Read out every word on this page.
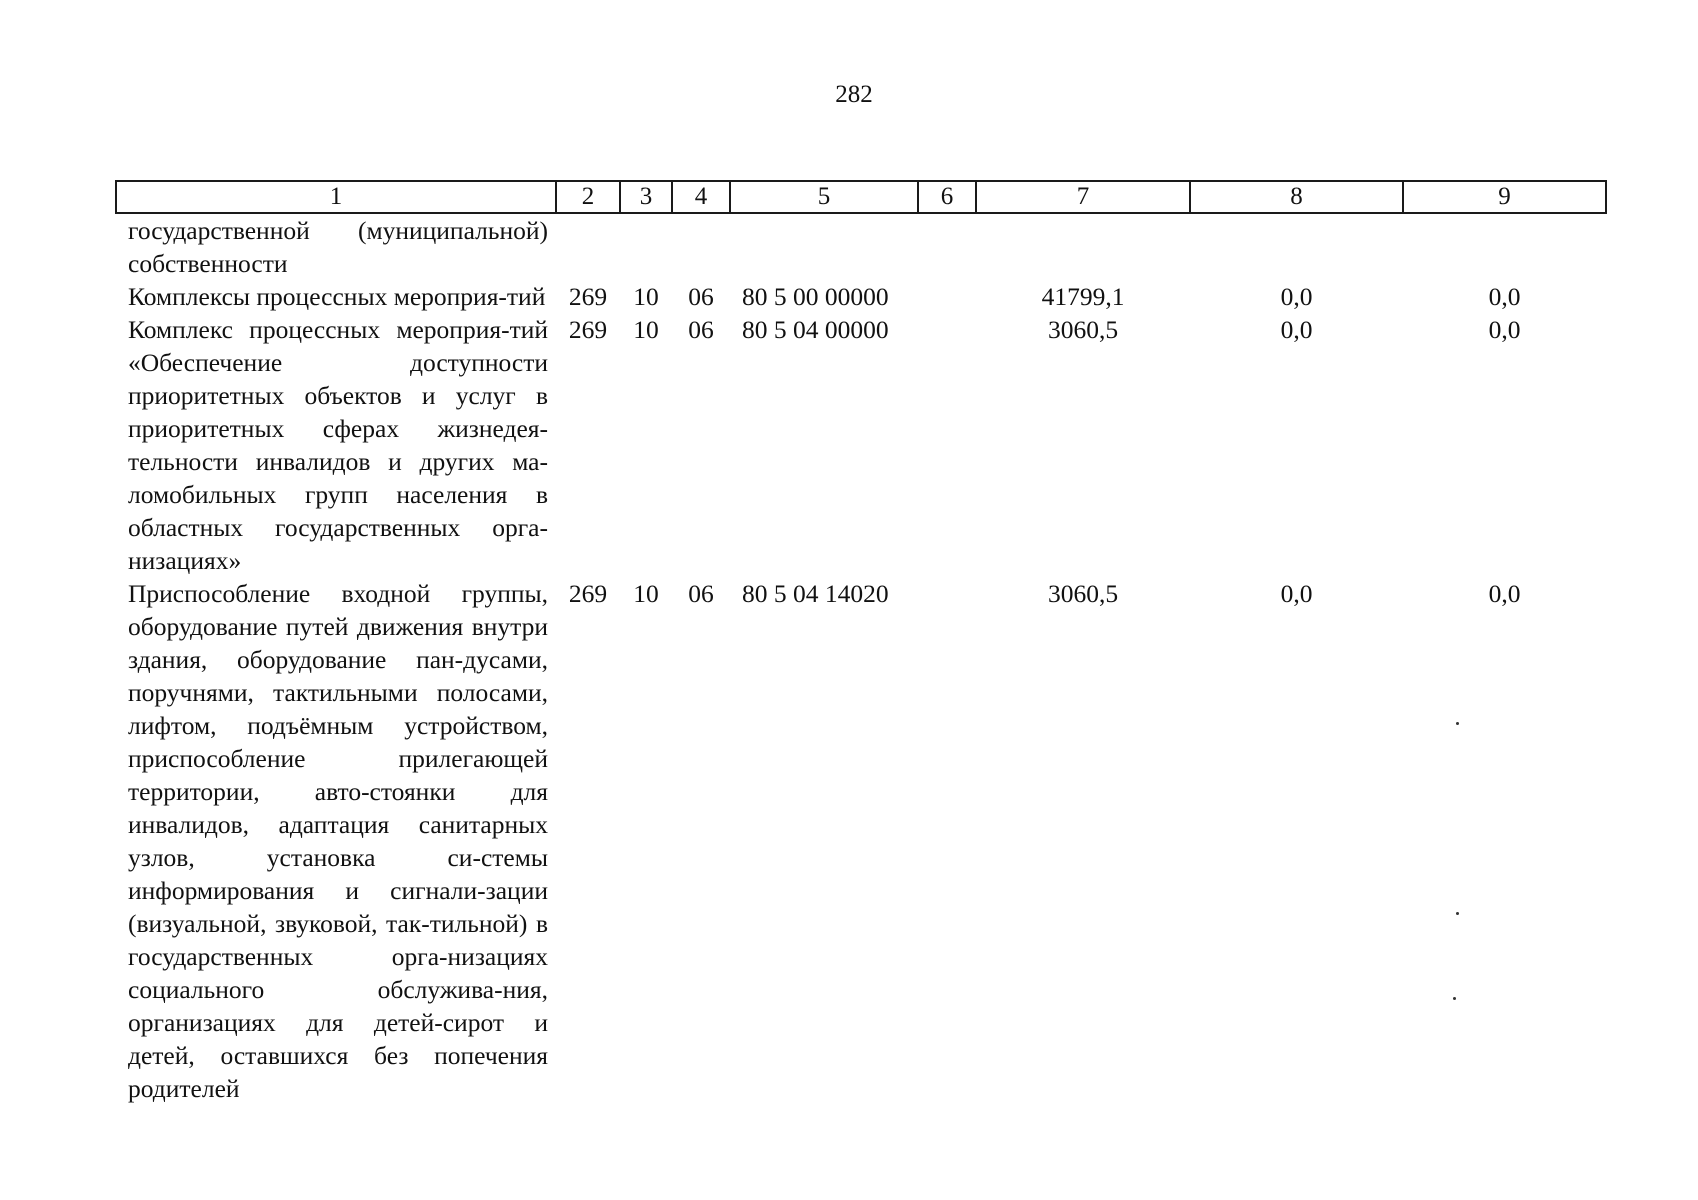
282
1	2	3	4	5	6	7	8	9
государственной (муниципальной) собственности								
Комплексы процессных мероприя-тий	269	10	06	80 5 00 00000		41799,1	0,0	0,0
Комплекс процессных мероприя-тий «Обеспечение доступности приоритетных объектов и услуг в приоритетных сферах жизнедея-тельности инвалидов и других ма-ломобильных групп населения в областных государственных орга-низациях»	269	10	06	80 5 04 00000		3060,5	0,0	0,0
Приспособление входной группы, оборудование путей движения внутри здания, оборудование пан-дусами, поручнями, тактильными полосами, лифтом, подъёмным устройством, приспособление прилегающей территории, авто-стоянки для инвалидов, адаптация санитарных узлов, установка си-стемы информирования и сигнали-зации (визуальной, звуковой, так-тильной) в государственных орга-низациях социального обслужива-ния, организациях для детей-сирот и детей, оставшихся без попечения родителей	269	10	06	80 5 04 14020		3060,5	0,0	0,0
